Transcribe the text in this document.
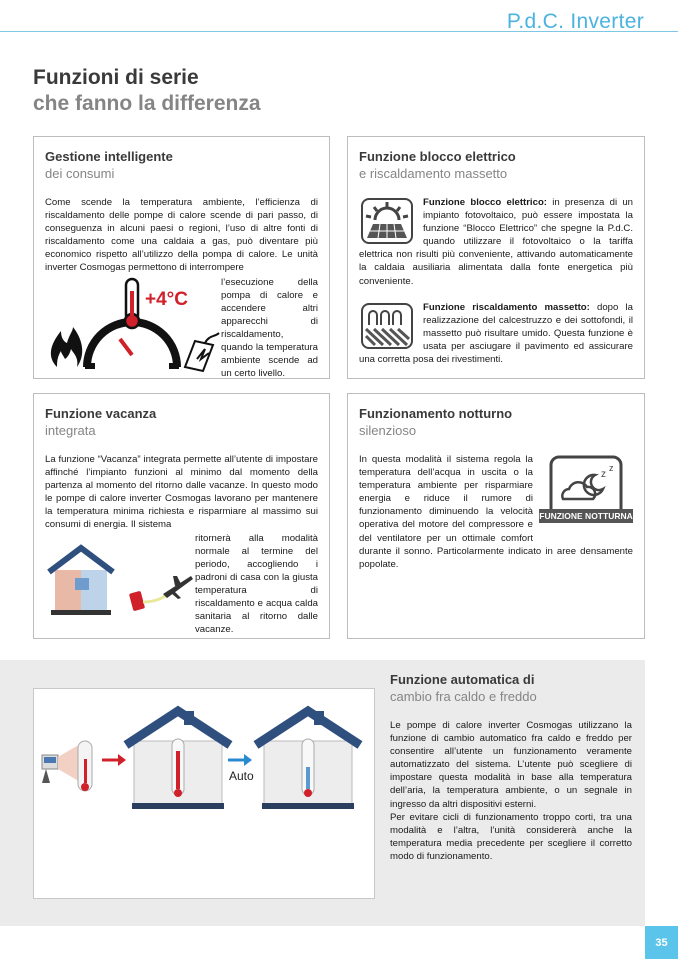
P.d.C. Inverter
Funzioni di serie
che fanno la differenza
Gestione intelligente
dei consumi
Come scende la temperatura ambiente, l’efficienza di riscaldamento delle pompe di calore scende di pari passo, di conseguenza in alcuni paesi o regioni, l’uso di altre fonti di riscaldamento come una caldaia a gas, può diventare più economico rispetto all’utilizzo della pompa di calore. Le unità inverter Cosmogas permettono di interrompere
+4°C
l’esecuzione della pompa di calore e accendere altri apparecchi di riscaldamento, quando la temperatura ambiente scende ad un certo livello.
Funzione blocco elettrico
e riscaldamento massetto
Funzione blocco elettrico: in presenza di un impianto fotovoltaico, può essere impostata la funzione “Blocco Elettrico” che spegne la P.d.C. quando utilizzare il fotovoltaico o la tariffa elettrica non risulti più conveniente, attivando automaticamente la caldaia ausiliaria alimentata dalla fonte energetica più conveniente.
Funzione riscaldamento massetto: dopo la realizzazione del calcestruzzo e dei sottofondi, il massetto può risultare umido. Questa funzione è usata per asciugare il pavimento ed assicurare una corretta posa dei rivestimenti.
Funzione vacanza
integrata
La funzione “Vacanza” integrata permette all’utente di impostare affinché l’impianto funzioni al minimo dal momento della partenza al momento del ritorno dalle vacanze. In questo modo le pompe di calore inverter Cosmogas lavorano per mantenere la temperatura minima richiesta e risparmiare al massimo sui consumi di energia. Il sistema
ritornerà alla modalità normale al termine del periodo, accogliendo i padroni di casa con la giusta temperatura di riscaldamento e acqua calda sanitaria al ritorno dalle vacanze.
Funzionamento notturno
silenzioso
z
z
FUNZIONE NOTTURNA
In questa modalità il sistema regola la temperatura dell’acqua in uscita o la temperatura ambiente per risparmiare energia e riduce il rumore di funzionamento diminuendo la velocità operativa del motore del compressore e del ventilatore per un ottimale comfort durante il sonno. Particolarmente indicato in aree densamente popolate.
Auto
Funzione automatica di
cambio fra caldo e freddo
Le pompe di calore inverter Cosmogas utilizzano la funzione di cambio automatico fra caldo e freddo per consentire all’utente un funzionamento veramente automatizzato del sistema. L’utente può scegliere di impostare questa modalità in base alla temperatura dell’aria, la temperatura ambiente, o un segnale in ingresso da altri dispositivi esterni.
Per evitare cicli di funzionamento troppo corti, tra una modalità e l’altra, l’unità considererà anche la temperatura media precedente per scegliere il corretto modo di funzionamento.
35
